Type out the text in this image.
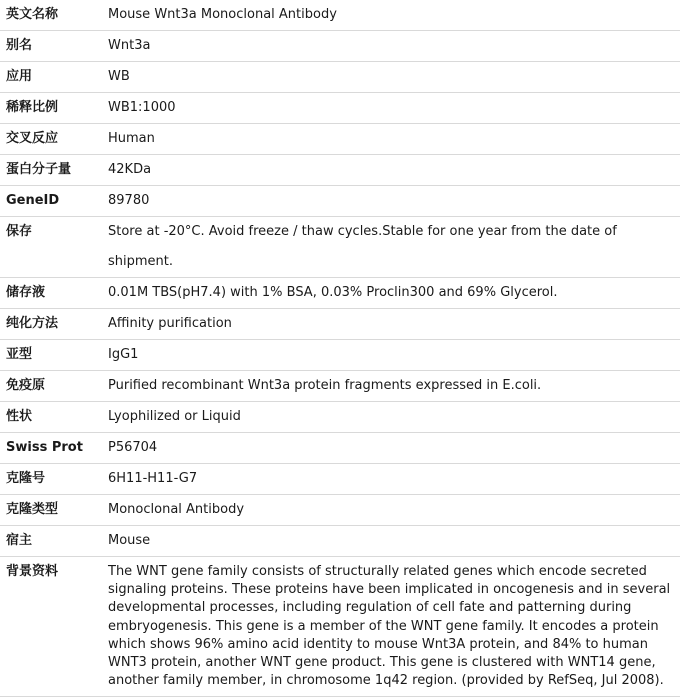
英文名称	Mouse Wnt3a Monoclonal Antibody
别名	Wnt3a
应用	WB
稀释比例	WB1:1000
交叉反应	Human
蛋白分子量	42KDa
GeneID	89780
保存	Store at -20°C. Avoid freeze / thaw cycles.Stable for one year from the date of shipment.
储存液	0.01M TBS(pH7.4) with 1% BSA, 0.03% Proclin300 and 69% Glycerol.
纯化方法	Affinity purification
亚型	IgG1
免疫原	Purified recombinant Wnt3a protein fragments expressed in E.coli.
性状	Lyophilized or Liquid
Swiss Prot	P56704
克隆号	6H11-H11-G7
克隆类型	Monoclonal Antibody
宿主	Mouse
背景资料	The WNT gene family consists of structurally related genes which encode secreted signaling proteins. These proteins have been implicated in oncogenesis and in several developmental processes, including regulation of cell fate and patterning during embryogenesis. This gene is a member of the WNT gene family. It encodes a protein which shows 96% amino acid identity to mouse Wnt3A protein, and 84% to human WNT3 protein, another WNT gene product. This gene is clustered with WNT14 gene, another family member, in chromosome 1q42 region. (provided by RefSeq, Jul 2008).
